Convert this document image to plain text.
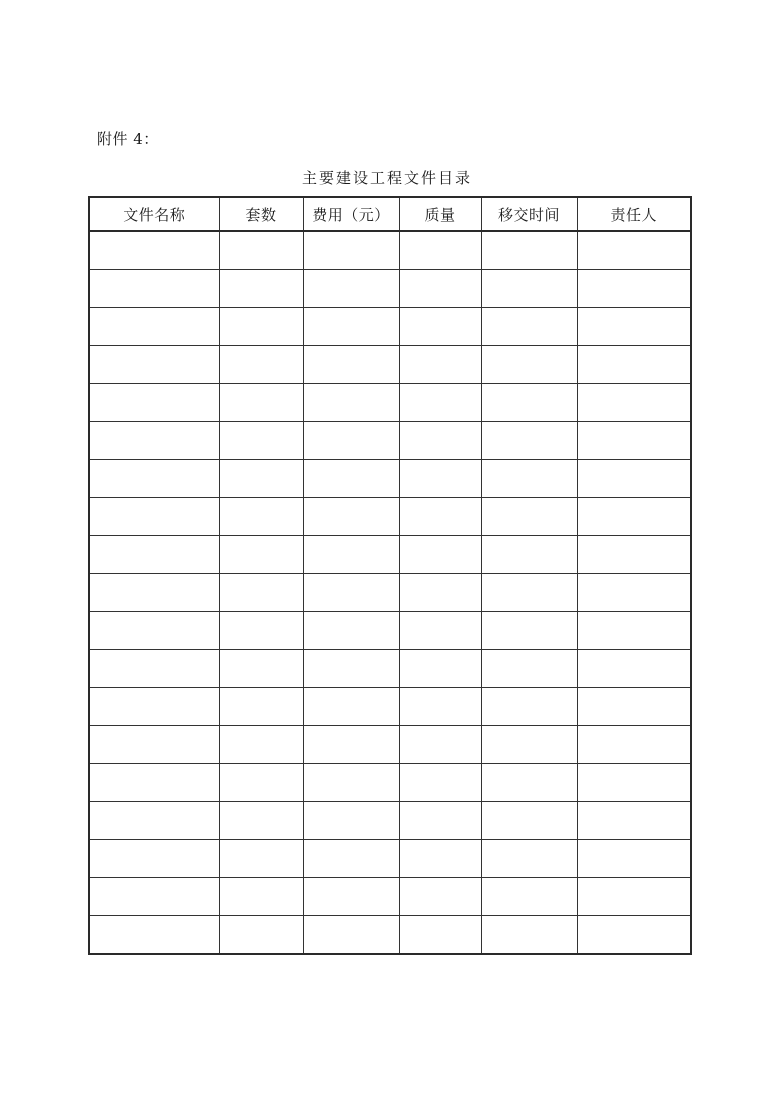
附件 4：
主要建设工程文件目录
文件名称	套数	费用（元）	质量	移交时间	责任人
